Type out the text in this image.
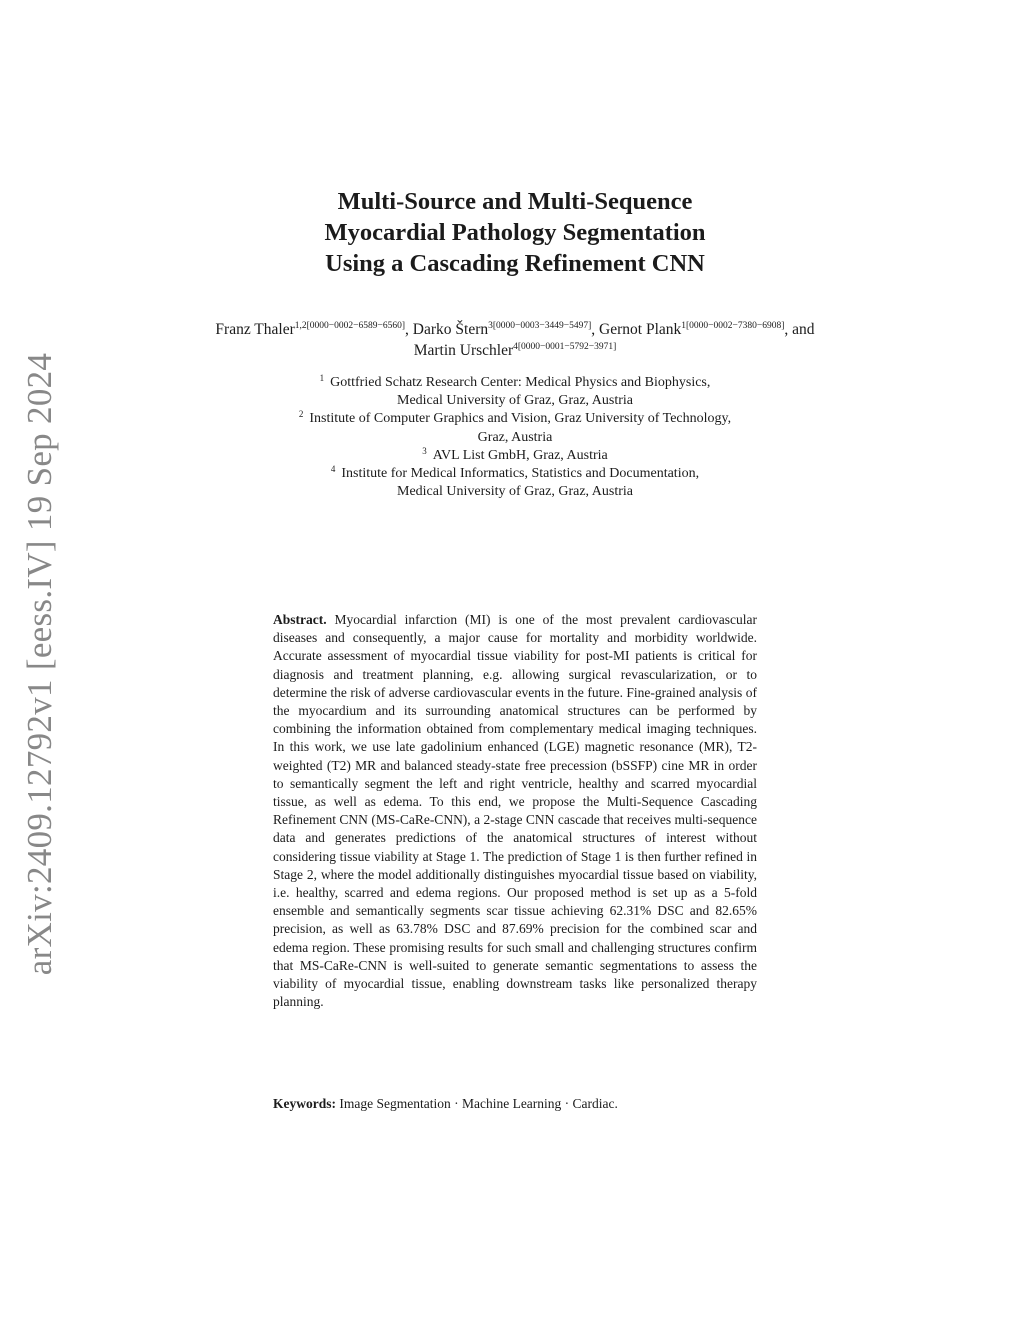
arXiv:2409.12792v1 [eess.IV] 19 Sep 2024
Multi-Source and Multi-Sequence
Myocardial Pathology Segmentation
Using a Cascading Refinement CNN
Franz Thaler$^{1,2[0000-0002-6589-6560]}$, Darko Štern$^{3[0000-0003-3449-5497]}$, Gernot Plank$^{1[0000-0002-7380-6908]}$, and Martin Urschler$^{4[0000-0001-5792-3971]}$
$^1$ Gottfried Schatz Research Center: Medical Physics and Biophysics,
Medical University of Graz, Graz, Austria
$^2$ Institute of Computer Graphics and Vision, Graz University of Technology,
Graz, Austria
$^3$ AVL List GmbH, Graz, Austria
$^4$ Institute for Medical Informatics, Statistics and Documentation,
Medical University of Graz, Graz, Austria
Abstract. Myocardial infarction (MI) is one of the most prevalent cardiovascular diseases and consequently, a major cause for mortality and morbidity worldwide. Accurate assessment of myocardial tissue viability for post-MI patients is critical for diagnosis and treatment planning, e.g. allowing surgical revascularization, or to determine the risk of adverse cardiovascular events in the future. Fine-grained analysis of the myocardium and its surrounding anatomical structures can be performed by combining the information obtained from complementary medical imaging techniques. In this work, we use late gadolinium enhanced (LGE) magnetic resonance (MR), T2-weighted (T2) MR and balanced steady-state free precession (bSSFP) cine MR in order to semantically segment the left and right ventricle, healthy and scarred myocardial tissue, as well as edema. To this end, we propose the Multi-Sequence Cascading Refinement CNN (MS-CaRe-CNN), a 2-stage CNN cascade that receives multi-sequence data and generates predictions of the anatomical structures of interest without considering tissue viability at Stage 1. The prediction of Stage 1 is then further refined in Stage 2, where the model additionally distinguishes myocardial tissue based on viability, i.e. healthy, scarred and edema regions. Our proposed method is set up as a 5-fold ensemble and semantically segments scar tissue achieving 62.31% DSC and 82.65% precision, as well as 63.78% DSC and 87.69% precision for the combined scar and edema region. These promising results for such small and challenging structures confirm that MS-CaRe-CNN is well-suited to generate semantic segmentations to assess the viability of myocardial tissue, enabling downstream tasks like personalized therapy planning.
Keywords: Image Segmentation · Machine Learning · Cardiac.
